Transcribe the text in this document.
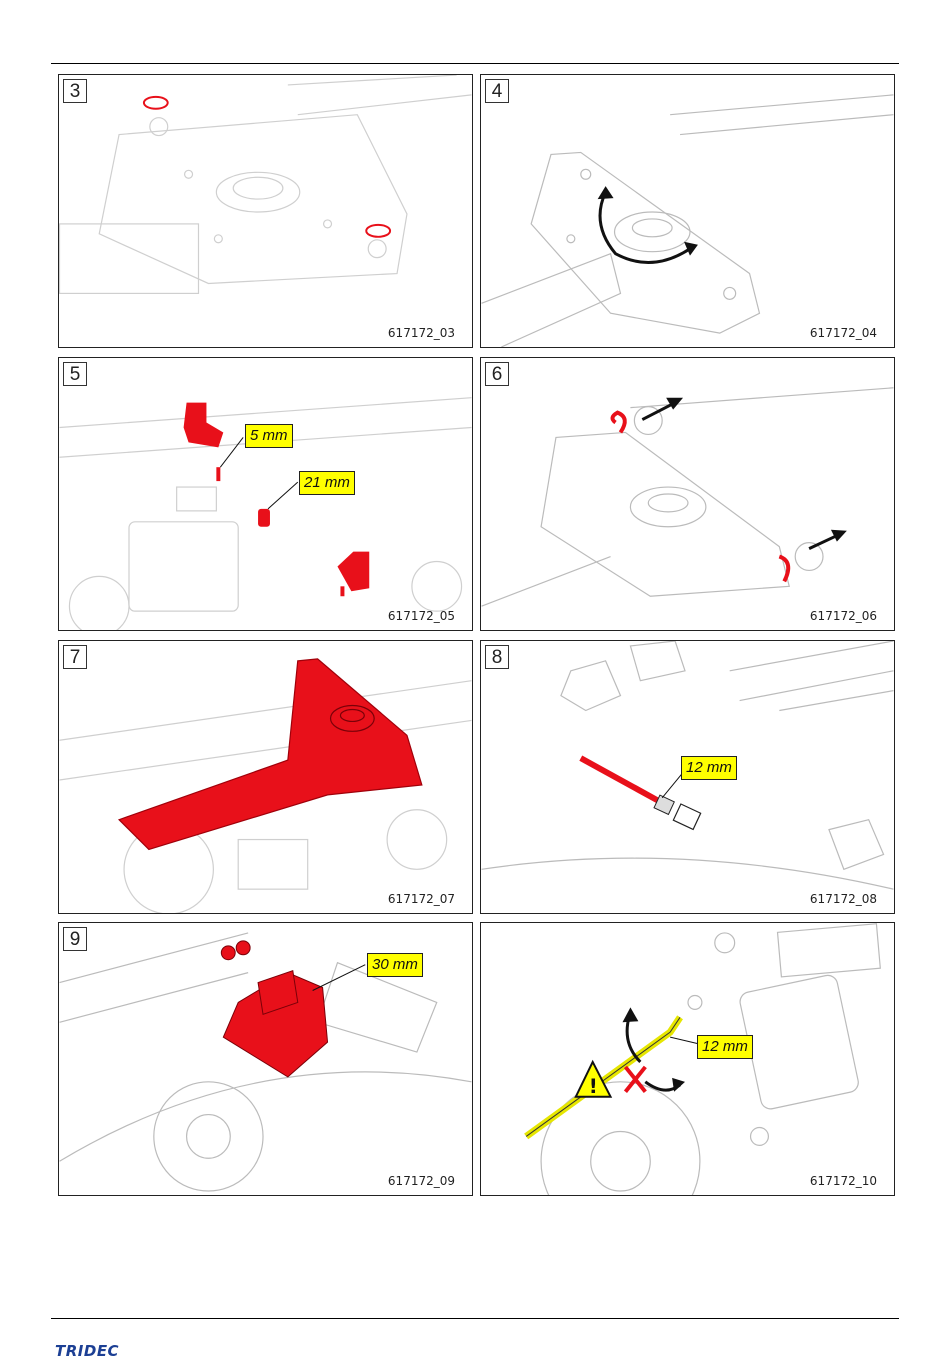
3
617172_03
4
617172_04
5
5 mm
21 mm
617172_05
6
617172_06
7
617172_07
8
12 mm
617172_08
9
30 mm
617172_09
!
12 mm
617172_10
TRIDEC
